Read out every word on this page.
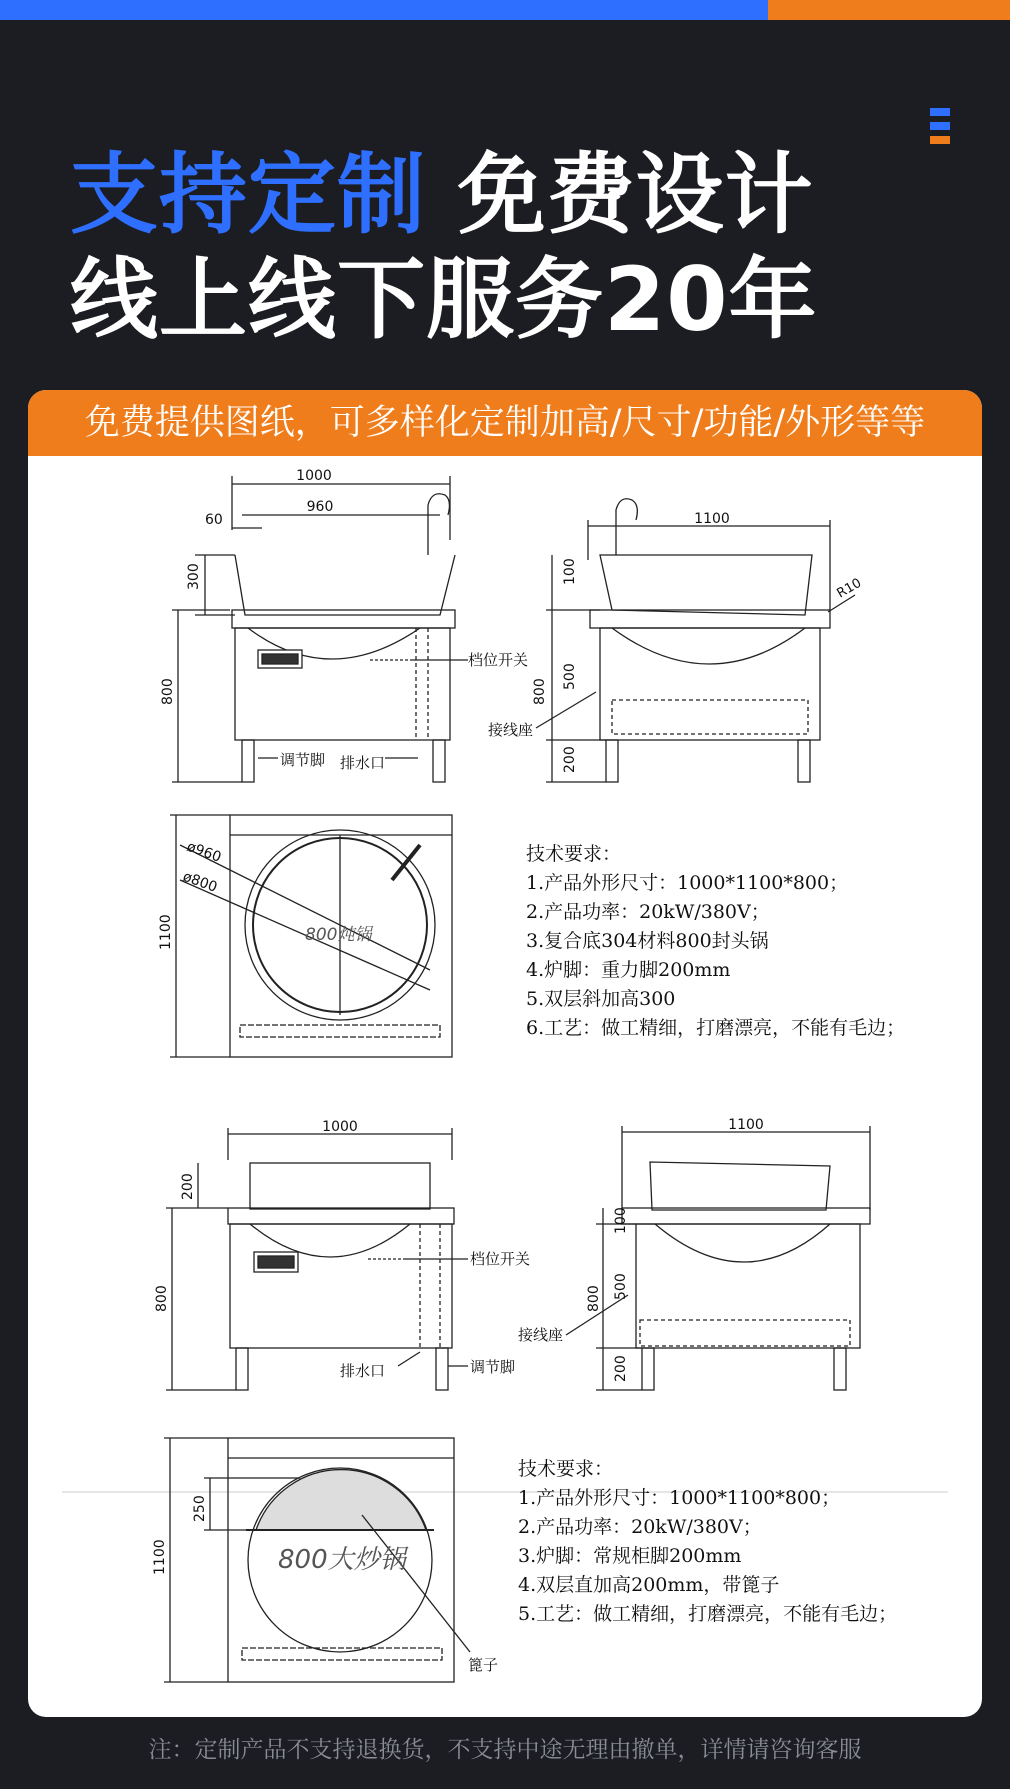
支持定制 免费设计
线上线下服务20年
免费提供图纸，可多样化定制加高/尺寸/功能/外形等等
1000
960
60
300
800
档位开关
调节脚 排水口
1100
100
500
200
800
R10
接线座
ø960
ø800
800炖锅
1100
1000
200
800
档位开关
排水口	调节脚
1100
100
500
200
800
接线座
250
1100	800大炒锅
篦子
技术要求：
1.产品外形尺寸：1000*1100*800；
2.产品功率：20kW/380V；
3.复合底304材料800封头锅
4.炉脚：重力脚200mm
5.双层斜加高300
6.工艺：做工精细，打磨漂亮，不能有毛边；
技术要求：
1.产品外形尺寸：1000*1100*800；
2.产品功率：20kW/380V；
3.炉脚：常规柜脚200mm
4.双层直加高200mm，带篦子
5.工艺：做工精细，打磨漂亮，不能有毛边；
注：定制产品不支持退换货，不支持中途无理由撤单，详情请咨询客服
